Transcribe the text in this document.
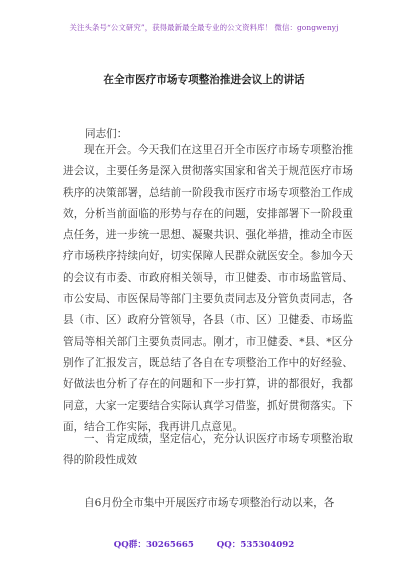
关注头条号“公文研究”，获得最新最全最专业的公文资料库！ 微信：gongwenyj
在全市医疗市场专项整治推进会议上的讲话
同志们：
现在开会。今天我们在这里召开全市医疗市场专项整治推进会议，主要任务是深入贯彻落实国家和省关于规范医疗市场秩序的决策部署，总结前一阶段我市医疗市场专项整治工作成效，分析当前面临的形势与存在的问题，安排部署下一阶段重点任务，进一步统一思想、凝聚共识、强化举措，推动全市医疗市场秩序持续向好，切实保障人民群众就医安全。参加今天的会议有市委、市政府相关领导，市卫健委、市市场监管局、市公安局、市医保局等部门主要负责同志及分管负责同志，各县（市、区）政府分管领导，各县（市、区）卫健委、市场监管局等相关部门主要负责同志。刚才，市卫健委、*县、*区分别作了汇报发言，既总结了各自在专项整治工作中的好经验、好做法也分析了存在的问题和下一步打算，讲的都很好，我都同意，大家一定要结合实际认真学习借鉴，抓好贯彻落实。下面，结合工作实际，我再讲几点意见。
一、肯定成绩，坚定信心，充分认识医疗市场专项整治取得的阶段性成效
自6月份全市集中开展医疗市场专项整治行动以来，各
QQ群：30265665	QQ：535304092
